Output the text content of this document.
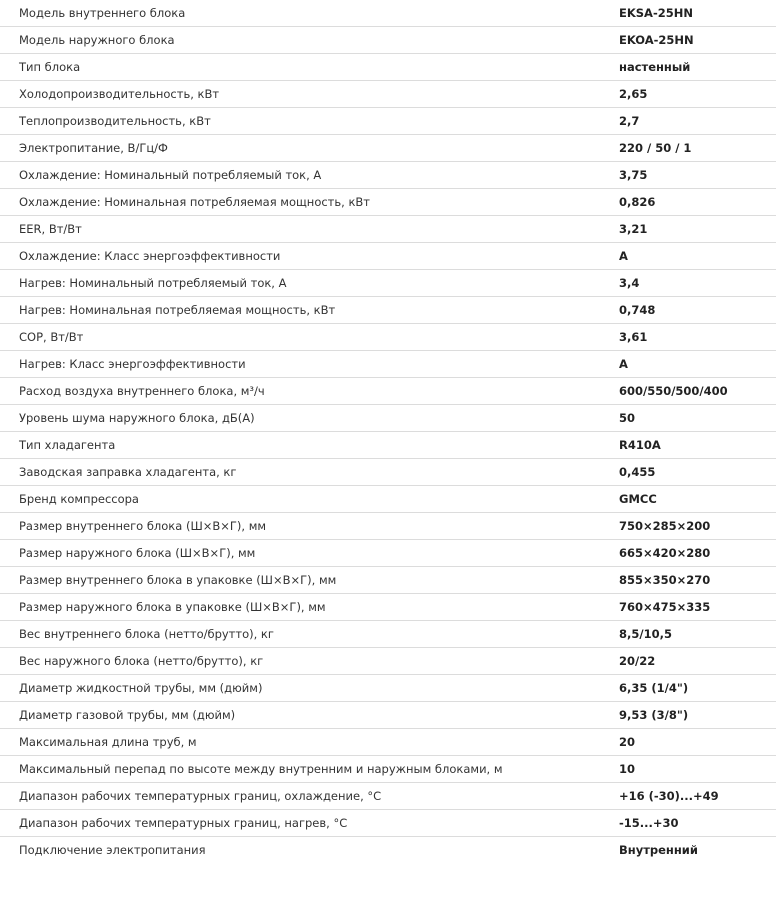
Модель внутреннего блока	EKSA-25HN
Модель наружного блока	EKOA-25HN
Тип блока	настенный
Холодопроизводительность, кВт	2,65
Теплопроизводительность, кВт	2,7
Электропитание, В/Гц/Ф	220 / 50 / 1
Охлаждение: Номинальный потребляемый ток, А	3,75
Охлаждение: Номинальная потребляемая мощность, кВт	0,826
EER, Вт/Вт	3,21
Охлаждение: Класс энергоэффективности	A
Нагрев: Номинальный потребляемый ток, А	3,4
Нагрев: Номинальная потребляемая мощность, кВт	0,748
COP, Вт/Вт	3,61
Нагрев: Класс энергоэффективности	A
Расход воздуха внутреннего блока, м³/ч	600/550/500/400
Уровень шума наружного блока, дБ(А)	50
Тип хладагента	R410A
Заводская заправка хладагента, кг	0,455
Бренд компрессора	GMCC
Размер внутреннего блока (Ш×В×Г), мм	750×285×200
Размер наружного блока (Ш×В×Г), мм	665×420×280
Размер внутреннего блока в упаковке (Ш×В×Г), мм	855×350×270
Размер наружного блока в упаковке (Ш×В×Г), мм	760×475×335
Вес внутреннего блока (нетто/брутто), кг	8,5/10,5
Вес наружного блока (нетто/брутто), кг	20/22
Диаметр жидкостной трубы, мм (дюйм)	6,35 (1/4")
Диаметр газовой трубы, мм (дюйм)	9,53 (3/8")
Максимальная длина труб, м	20
Максимальный перепад по высоте между внутренним и наружным блоками, м	10
Диапазон рабочих температурных границ, охлаждение, °С	+16 (-30)...+49
Диапазон рабочих температурных границ, нагрев, °С	-15...+30
Подключение электропитания	Внутренний
